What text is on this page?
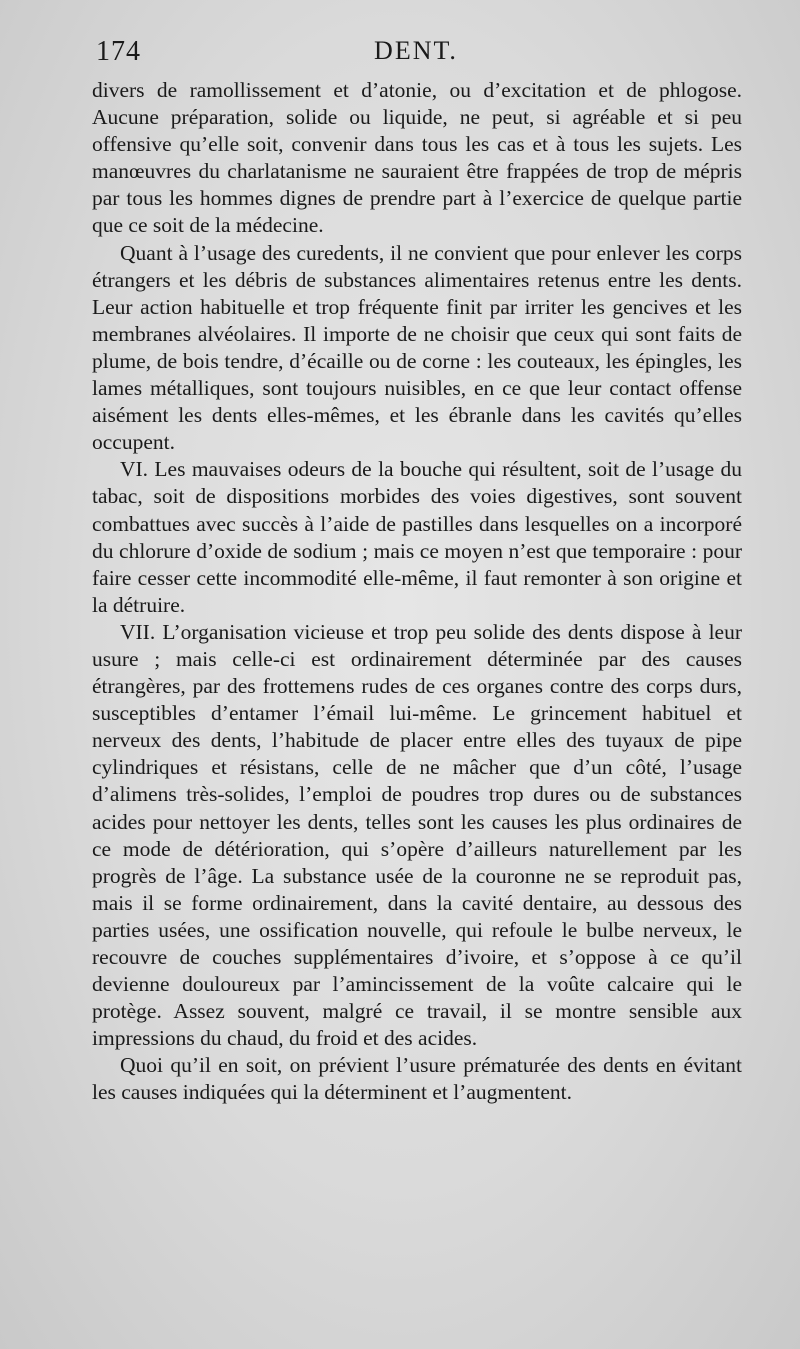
174	DENT.

divers de ramollissement et d’atonie, ou d’excitation et de phlogose. Aucune préparation, solide ou liquide, ne peut, si agréable et si peu offensive qu’elle soit, convenir dans tous les cas et à tous les sujets. Les manœuvres du charlatanisme ne sauraient être frappées de trop de mépris par tous les hommes dignes de prendre part à l’exercice de quelque partie que ce soit de la médecine.

Quant à l’usage des curedents, il ne convient que pour enlever les corps étrangers et les débris de substances alimentaires retenus entre les dents. Leur action habituelle et trop fréquente finit par irriter les gencives et les membranes alvéolaires. Il importe de ne choisir que ceux qui sont faits de plume, de bois tendre, d’écaille ou de corne : les couteaux, les épingles, les lames métalliques, sont toujours nuisibles, en ce que leur contact offense aisément les dents elles-mêmes, et les ébranle dans les cavités qu’elles occupent.

VI. Les mauvaises odeurs de la bouche qui résultent, soit de l’usage du tabac, soit de dispositions morbides des voies digestives, sont souvent combattues avec succès à l’aide de pastilles dans lesquelles on a incorporé du chlorure d’oxide de sodium ; mais ce moyen n’est que temporaire : pour faire cesser cette incommodité elle-même, il faut remonter à son origine et la détruire.

VII. L’organisation vicieuse et trop peu solide des dents dispose à leur usure ; mais celle-ci est ordinairement déterminée par des causes étrangères, par des frottemens rudes de ces organes contre des corps durs, susceptibles d’entamer l’émail lui-même. Le grincement habituel et nerveux des dents, l’habitude de placer entre elles des tuyaux de pipe cylindriques et résistans, celle de ne mâcher que d’un côté, l’usage d’alimens très-solides, l’emploi de poudres trop dures ou de substances acides pour nettoyer les dents, telles sont les causes les plus ordinaires de ce mode de détérioration, qui s’opère d’ailleurs naturellement par les progrès de l’âge. La substance usée de la couronne ne se reproduit pas, mais il se forme ordinairement, dans la cavité dentaire, au dessous des parties usées, une ossification nouvelle, qui refoule le bulbe nerveux, le recouvre de couches supplémentaires d’ivoire, et s’oppose à ce qu’il devienne douloureux par l’amincissement de la voûte calcaire qui le protège. Assez souvent, malgré ce travail, il se montre sensible aux impressions du chaud, du froid et des acides.

Quoi qu’il en soit, on prévient l’usure prématurée des dents en évitant les causes indiquées qui la déterminent et l’augmentent.
